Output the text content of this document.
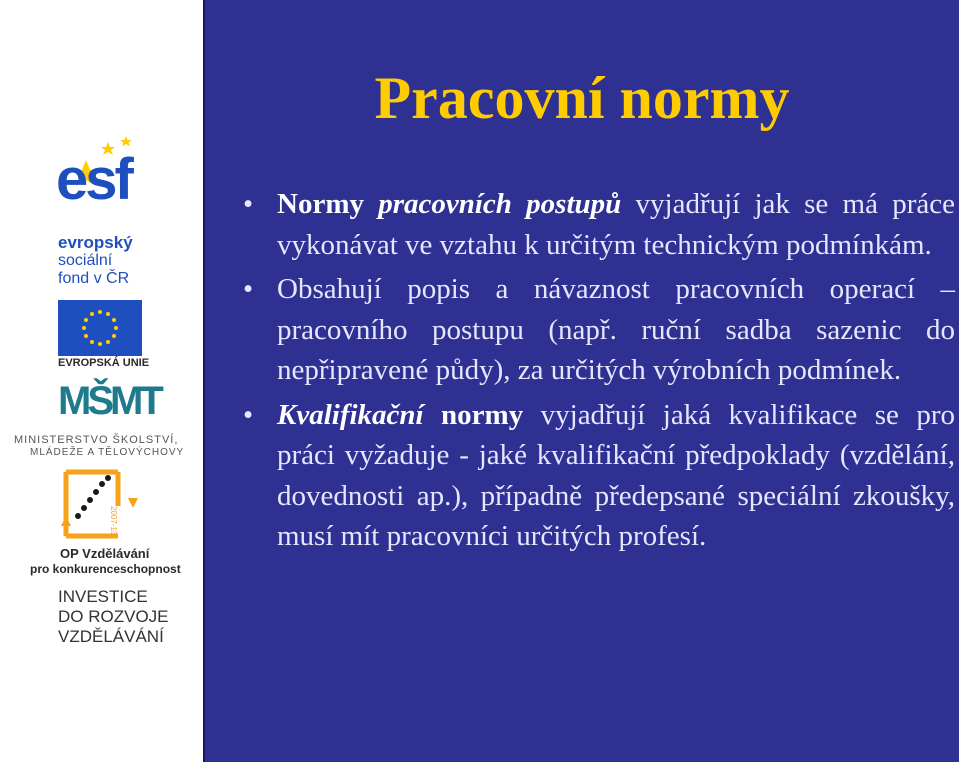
esf
evropský
sociální
fond v ČR
EVROPSKÁ UNIE
MŠMT
MINISTERSTVO ŠKOLSTVÍ,
MLÁDEŽE A TĚLOVÝCHOVY
2007-13
OP Vzdělávání
pro konkurenceschopnost
INVESTICE
DO ROZVOJE
VZDĚLÁVÁNÍ
Pracovní normy
• Normy pracovních postupů vyjadřují jak se má práce vykonávat ve vztahu k určitým technickým podmínkám.
• Obsahují popis a návaznost pracovních operací – pracovního postupu (např. ruční sadba sazenic do nepřipravené půdy), za určitých výrobních podmínek.
• Kvalifikační normy vyjadřují jaká kvalifikace se pro práci vyžaduje - jaké kvalifikační předpoklady (vzdělání, dovednosti ap.), případně předepsané speciální zkoušky, musí mít pracovníci určitých profesí.
